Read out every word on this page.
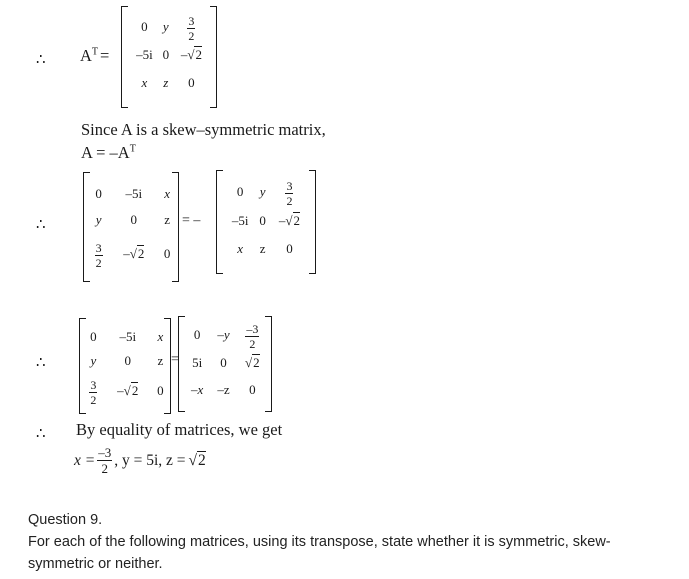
∴ $A^T$ =
0	y	$\frac{3}{2}$

–5i	0	–√2
x	z	0
Since A is a skew–symmetric matrix,
$A = -A^T$
∴
0	–5i	x
y	0	z

$\frac{3}{2}$	–√2	0
= –
0	y	$\frac{3}{2}$

–5i	0	–√2
x	z	0
∴
0	–5i	x
y	0	z

$\frac{3}{2}$	–√2	0
=
0	–y	$\frac{-3}{2}$

5i	0	√2
–x	–z	0
∴ By equality of matrices, we get
$x = \frac{-3}{2}$ , y = 5i, z = √2
Question 9.
For each of the following matrices, using its transpose, state whether it is symmetric, skew-
symmetric or neither.
